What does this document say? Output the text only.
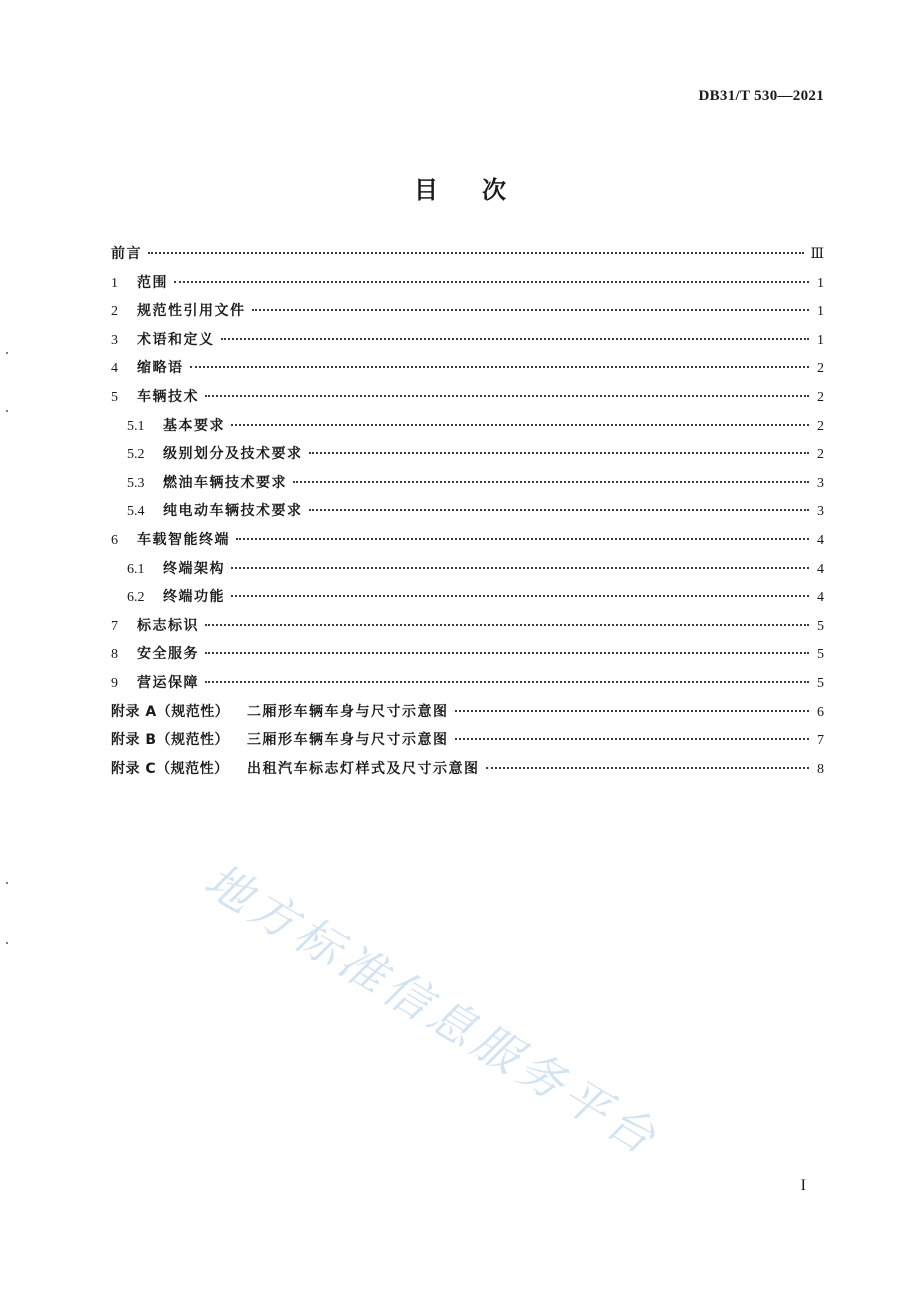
DB31/T 530—2021
目次
前言	Ⅲ
1	范围	1
2	规范性引用文件	1
3	术语和定义	1
4	缩略语	2
5	车辆技术	2
5.1	基本要求	2
5.2	级别划分及技术要求	2
5.3	燃油车辆技术要求	3
5.4	纯电动车辆技术要求	3
6	车载智能终端	4
6.1	终端架构	4
6.2	终端功能	4
7	标志标识	5
8	安全服务	5
9	营运保障	5
附录 A（规范性）	二厢形车辆车身与尺寸示意图	6
附录 B（规范性）	三厢形车辆车身与尺寸示意图	7
附录 C（规范性）	出租汽车标志灯样式及尺寸示意图	8
地方标准信息服务平台
I
